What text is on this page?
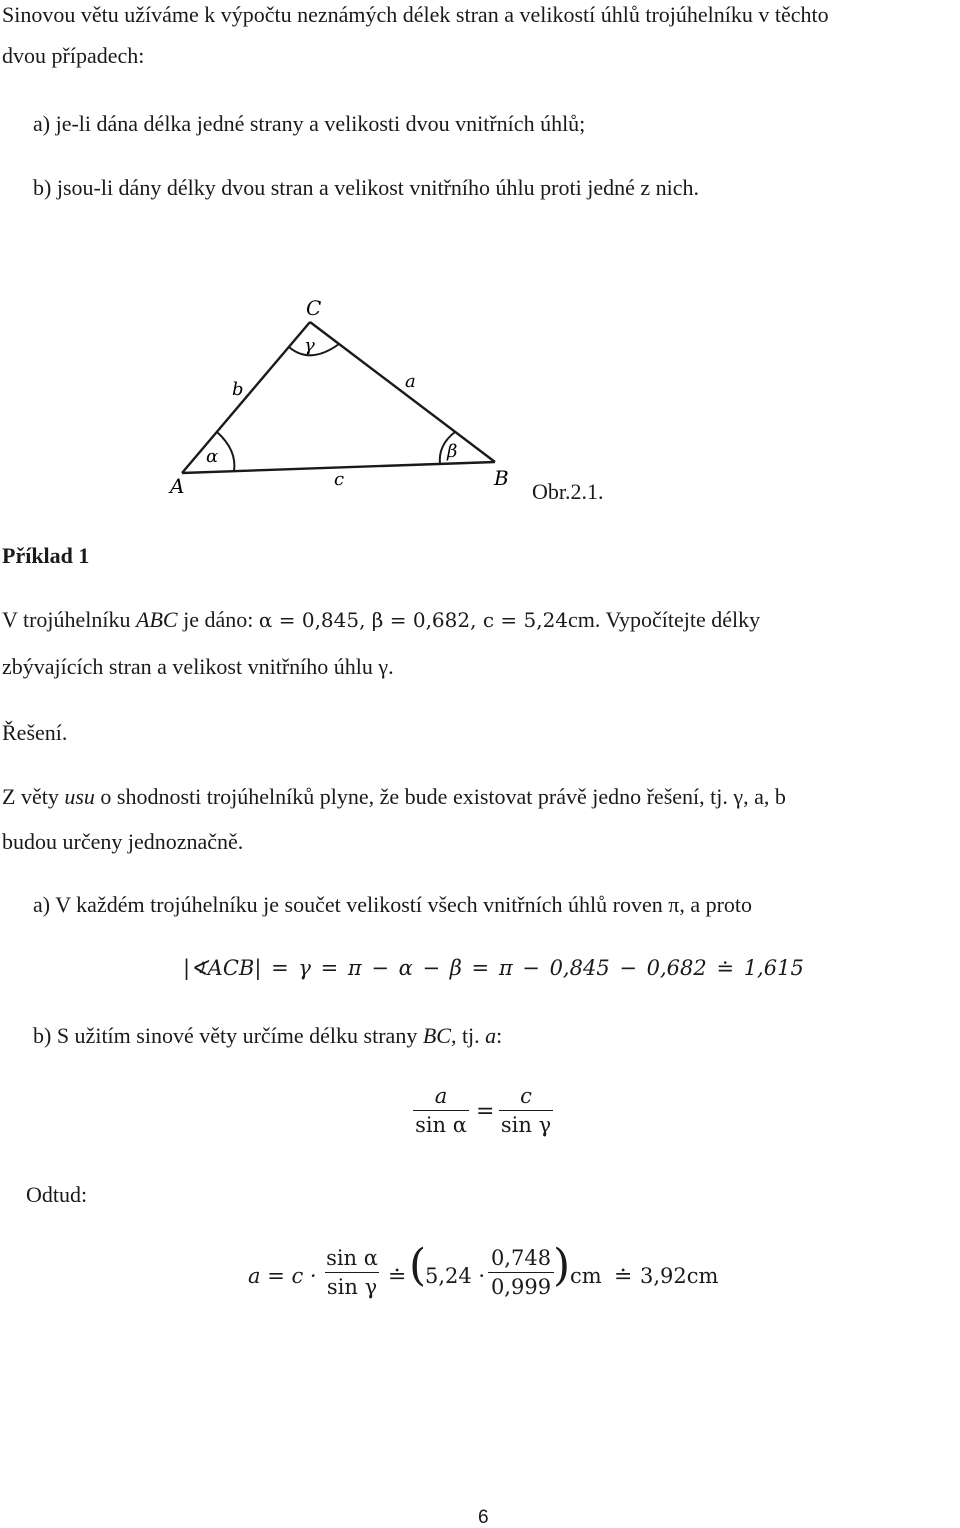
Sinovou větu užíváme k výpočtu neznámých délek stran a velikostí úhlů trojúhelníku v těchto
dvou případech:
a) je-li dána délka jedné strany a velikosti dvou vnitřních úhlů;
b) jsou-li dány délky dvou stran a velikost vnitřního úhlu proti jedné z nich.
C
γ
b	a
α	β
A	c	B
Obr.2.1.
Příklad 1
V trojúhelníku ABC je dáno: α = 0,845, β = 0,682, c = 5,24cm. Vypočítejte délky
zbývajících stran a velikost vnitřního úhlu γ.
Řešení.
Z věty usu o shodnosti trojúhelníků plyne, že bude existovat právě jedno řešení, tj. γ, a, b
budou určeny jednoznačně.
a) V každém trojúhelníku je součet velikostí všech vnitřních úhlů roven π, a proto
|∢ACB| = γ = π − α − β = π − 0,845 − 0,682 ≐ 1,615
b) S užitím sinové věty určíme délku strany BC, tj. a:
a
sin α
=
c
sin γ
Odtud:
a = c ·
sin α
sin γ ≐ (
5,24 ·
0,748
0,999 ) cm ≐ 3,92cm
6
